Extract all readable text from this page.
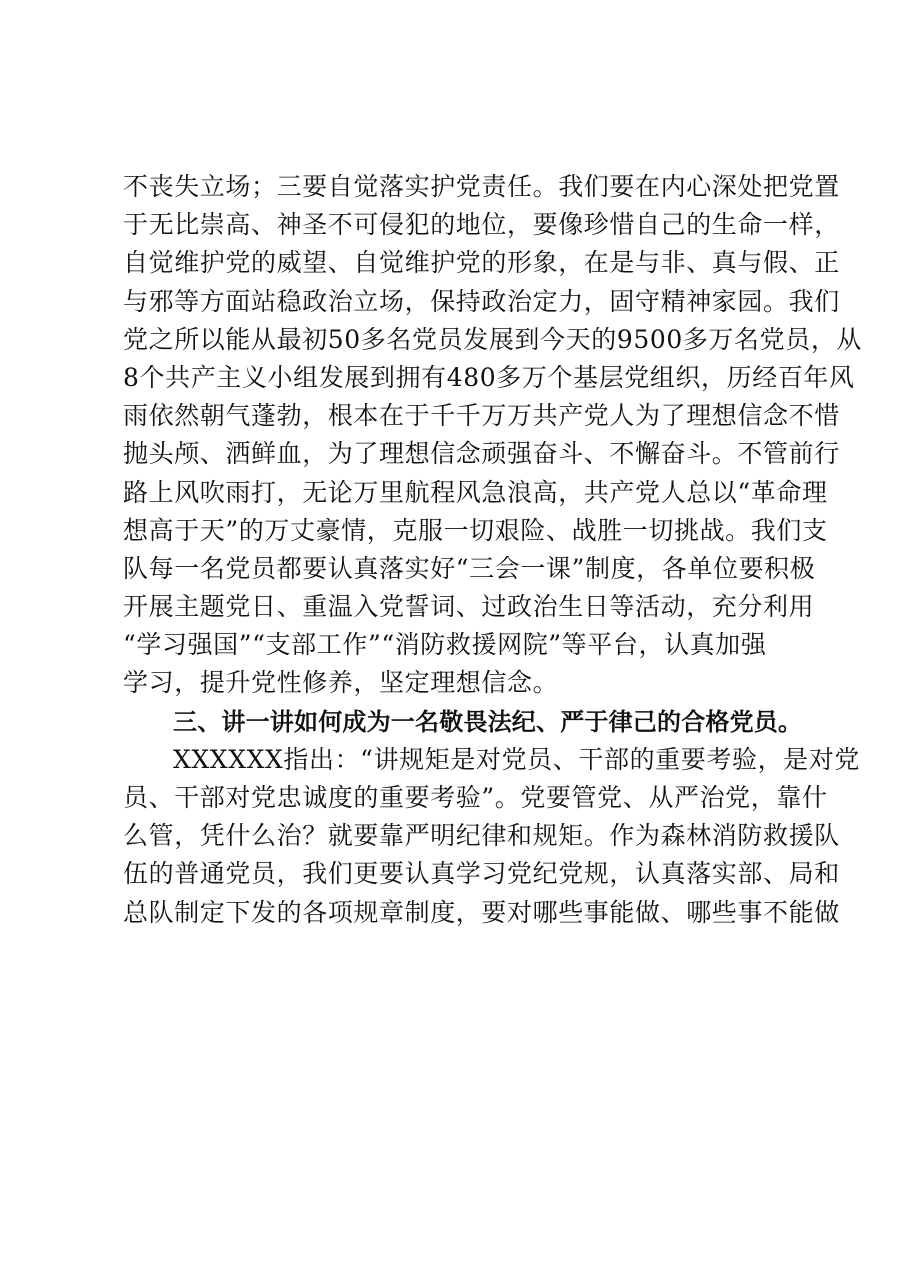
不丧失立场；三要自觉落实护党责任。我们要在内心深处把党置
于无比崇高、神圣不可侵犯的地位，要像珍惜自己的生命一样，
自觉维护党的威望、自觉维护党的形象，在是与非、真与假、正
与邪等方面站稳政治立场，保持政治定力，固守精神家园。我们
党之所以能从最初50多名党员发展到今天的9500多万名党员，从
8个共产主义小组发展到拥有480多万个基层党组织，历经百年风
雨依然朝气蓬勃，根本在于千千万万共产党人为了理想信念不惜
抛头颅、洒鲜血，为了理想信念顽强奋斗、不懈奋斗。不管前行
路上风吹雨打，无论万里航程风急浪高，共产党人总以“革命理
想高于天”的万丈豪情，克服一切艰险、战胜一切挑战。我们支
队每一名党员都要认真落实好“三会一课”制度，各单位要积极
开展主题党日、重温入党誓词、过政治生日等活动，充分利用
“学习强国”“支部工作”“消防救援网院”等平台，认真加强
学习，提升党性修养，坚定理想信念。
三、讲一讲如何成为一名敬畏法纪、严于律己的合格党员。
XXXXXX指出：“讲规矩是对党员、干部的重要考验，是对党
员、干部对党忠诚度的重要考验”。党要管党、从严治党，靠什
么管，凭什么治？就要靠严明纪律和规矩。作为森林消防救援队
伍的普通党员，我们更要认真学习党纪党规，认真落实部、局和
总队制定下发的各项规章制度，要对哪些事能做、哪些事不能做
